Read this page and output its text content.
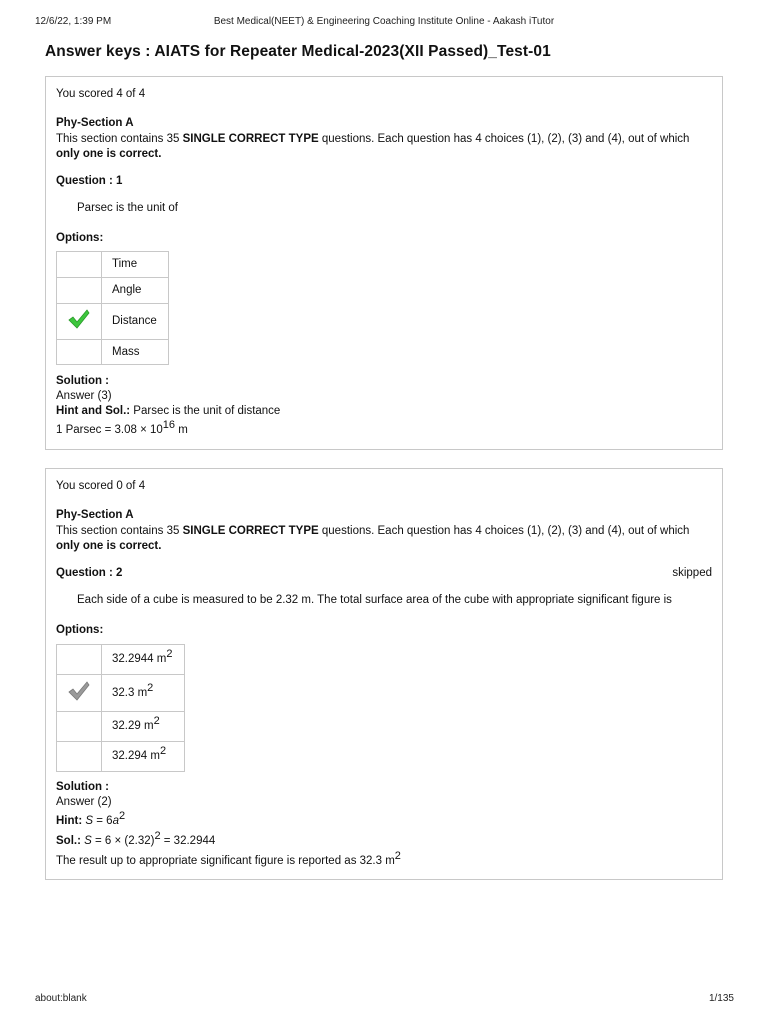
12/6/22, 1:39 PM	Best Medical(NEET) & Engineering Coaching Institute Online - Aakash iTutor
Answer keys : AIATS for Repeater Medical-2023(XII Passed)_Test-01
You scored 4 of 4
Phy-Section A
This section contains 35 SINGLE CORRECT TYPE questions. Each question has 4 choices (1), (2), (3) and (4), out of which
only one is correct.
Question : 1
Parsec is the unit of
Options:
	Time
	Angle
	Distance
	Mass
Solution :
Answer (3)
Hint and Sol.: Parsec is the unit of distance
1 Parsec = 3.08 × 1016 m
You scored 0 of 4
Phy-Section A
This section contains 35 SINGLE CORRECT TYPE questions. Each question has 4 choices (1), (2), (3) and (4), out of which
only one is correct.
Question : 2	skipped
Each side of a cube is measured to be 2.32 m. The total surface area of the cube with appropriate significant figure is
Options:
	32.2944 m2
	32.3 m2
	32.29 m2
	32.294 m2
Solution :
Answer (2)
Hint: S = 6a2
Sol.: S = 6 × (2.32)2 = 32.2944
The result up to appropriate significant figure is reported as 32.3 m2
about:blank	1/135
